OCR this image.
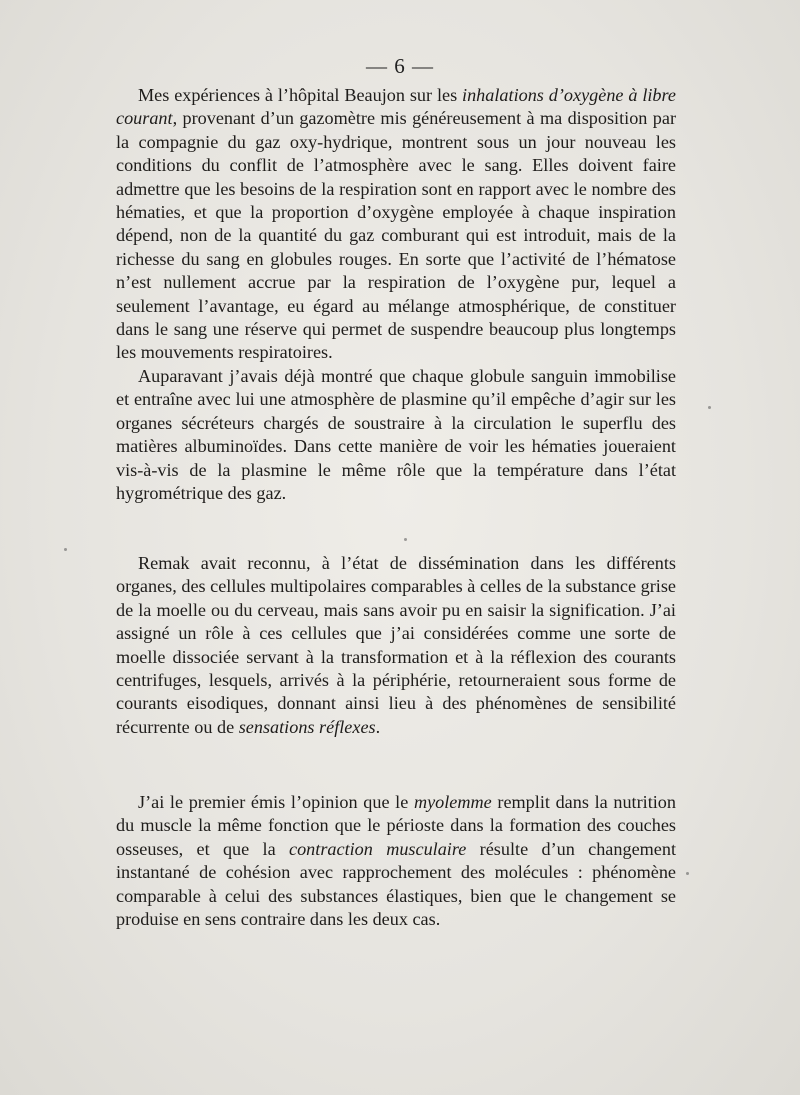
— 6 —

Mes expériences à l’hôpital Beaujon sur les inhalations d’oxygène à libre courant, provenant d’un gazomètre mis généreusement à ma disposition par la compagnie du gaz oxy-hydrique, montrent sous un jour nouveau les conditions du conflit de l’atmosphère avec le sang. Elles doivent faire admettre que les besoins de la respiration sont en rapport avec le nombre des hématies, et que la proportion d’oxygène employée à chaque inspiration dépend, non de la quantité du gaz comburant qui est introduit, mais de la richesse du sang en globules rouges. En sorte que l’activité de l’hématose n’est nullement accrue par la respiration de l’oxygène pur, lequel a seulement l’avantage, eu égard au mélange atmosphérique, de constituer dans le sang une réserve qui permet de suspendre beaucoup plus longtemps les mouvements respiratoires.

Auparavant j’avais déjà montré que chaque globule sanguin immobilise et entraîne avec lui une atmosphère de plasmine qu’il empêche d’agir sur les organes sécréteurs chargés de soustraire à la circulation le superflu des matières albuminoïdes. Dans cette manière de voir les hématies joueraient vis-à-vis de la plasmine le même rôle que la température dans l’état hygrométrique des gaz.

Remak avait reconnu, à l’état de dissémination dans les différents organes, des cellules multipolaires comparables à celles de la substance grise de la moelle ou du cerveau, mais sans avoir pu en saisir la signification. J’ai assigné un rôle à ces cellules que j’ai considérées comme une sorte de moelle dissociée servant à la transformation et à la réflexion des courants centrifuges, lesquels, arrivés à la périphérie, retourneraient sous forme de courants eisodiques, donnant ainsi lieu à des phénomènes de sensibilité récurrente ou de sensations réflexes.

J’ai le premier émis l’opinion que le myolemme remplit dans la nutrition du muscle la même fonction que le périoste dans la formation des couches osseuses, et que la contraction musculaire résulte d’un changement instantané de cohésion avec rapprochement des molécules : phénomène comparable à celui des substances élastiques, bien que le changement se produise en sens contraire dans les deux cas.
